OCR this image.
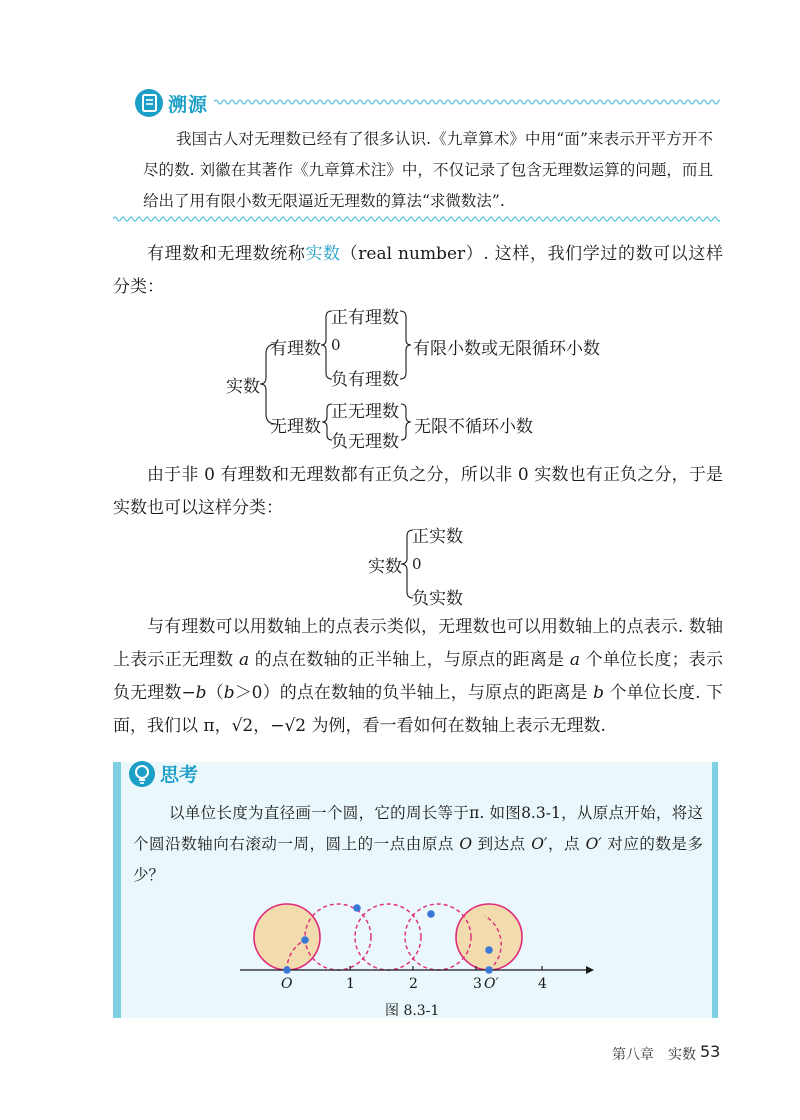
溯源

我国古人对无理数已经有了很多认识.《九章算术》中用“面”来表示开平方开不尽的数. 刘徽在其著作《九章算术注》中，不仅记录了包含无理数运算的问题，而且给出了用有限小数无限逼近无理数的算法“求微数法”.

有理数和无理数统称实数（real number）. 这样，我们学过的数可以这样分类：

实数
有理数
正有理数
0
负有理数
有限小数或无限循环小数
无理数
正无理数
负无理数
无限不循环小数

由于非 0 有理数和无理数都有正负之分，所以非 0 实数也有正负之分，于是实数也可以这样分类：

实数
正实数
0
负实数

与有理数可以用数轴上的点表示类似，无理数也可以用数轴上的点表示. 数轴上表示正无理数 a 的点在数轴的正半轴上，与原点的距离是 a 个单位长度；表示负无理数−b（b＞0）的点在数轴的负半轴上，与原点的距离是 b 个单位长度. 下面，我们以 π，√2，−√2 为例，看一看如何在数轴上表示无理数.

思考

以单位长度为直径画一个圆，它的周长等于π. 如图8.3-1，从原点开始，将这个圆沿数轴向右滚动一周，圆上的一点由原点 O 到达点 O′，点 O′ 对应的数是多少？

O	1	2	3 O′	4
图 8.3-1
第八章　实数 53
